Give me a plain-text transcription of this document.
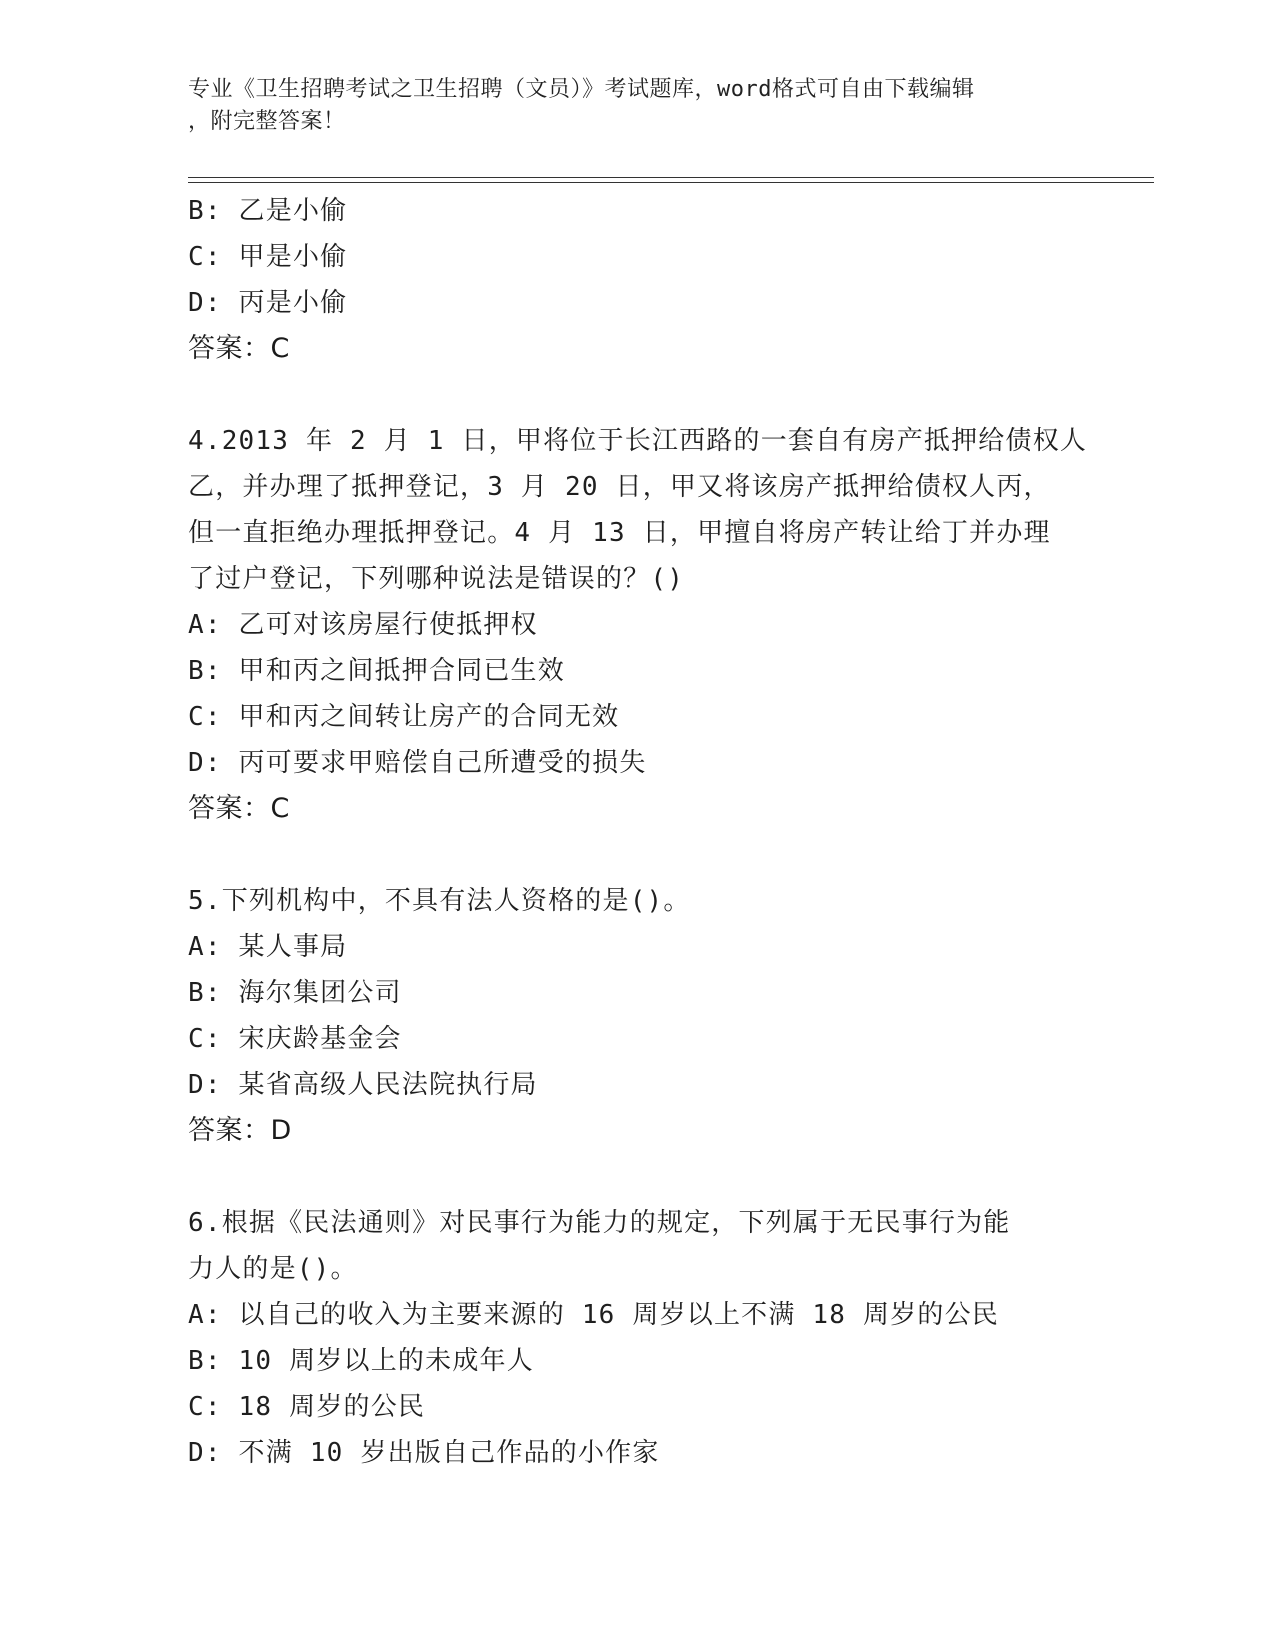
专业《卫生招聘考试之卫生招聘（文员）》考试题库，word格式可自由下载编辑
，附完整答案！
B: 乙是小偷
C: 甲是小偷
D: 丙是小偷
答案：C
4.2013 年 2 月 1 日，甲将位于长江西路的一套自有房产抵押给债权人
乙，并办理了抵押登记，3 月 20 日，甲又将该房产抵押给债权人丙，
但一直拒绝办理抵押登记。4 月 13 日，甲擅自将房产转让给丁并办理
了过户登记，下列哪种说法是错误的？()
A: 乙可对该房屋行使抵押权
B: 甲和丙之间抵押合同已生效
C: 甲和丙之间转让房产的合同无效
D: 丙可要求甲赔偿自己所遭受的损失
答案：C
5.下列机构中，不具有法人资格的是()。
A: 某人事局
B: 海尔集团公司
C: 宋庆龄基金会
D: 某省高级人民法院执行局
答案：D
6.根据《民法通则》对民事行为能力的规定，下列属于无民事行为能
力人的是()。
A: 以自己的收入为主要来源的 16 周岁以上不满 18 周岁的公民
B: 10 周岁以上的未成年人
C: 18 周岁的公民
D: 不满 10 岁出版自己作品的小作家
